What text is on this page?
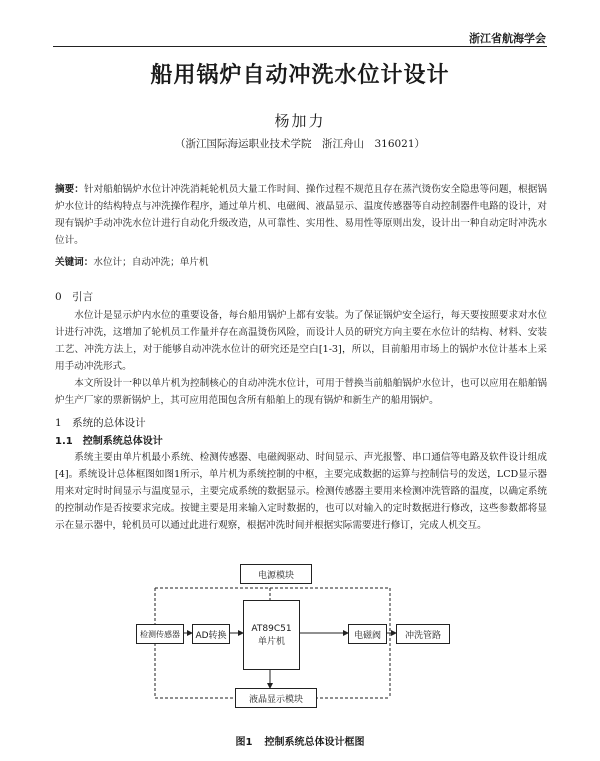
浙江省航海学会
船用锅炉自动冲洗水位计设计
杨加力
（浙江国际海运职业技术学院　浙江舟山　316021）
摘要：针对船舶锅炉水位计冲洗消耗轮机员大量工作时间、操作过程不规范且存在蒸汽烫伤安全隐患等问题，根据锅炉水位计的结构特点与冲洗操作程序，通过单片机、电磁阀、液晶显示、温度传感器等自动控制器件电路的设计，对现有锅炉手动冲洗水位计进行自动化升级改造，从可靠性、实用性、易用性等原则出发，设计出一种自动定时冲洗水位计。
关键词：水位计；自动冲洗；单片机
0　引言
水位计是显示炉内水位的重要设备，每台船用锅炉上都有安装。为了保证锅炉安全运行，每天要按照要求对水位计进行冲洗，这增加了轮机员工作量并存在高温烫伤风险，而设计人员的研究方向主要在水位计的结构、材料、安装工艺、冲洗方法上，对于能够自动冲洗水位计的研究还是空白[1-3]，所以，目前船用市场上的锅炉水位计基本上采用手动冲洗形式。
本文所设计一种以单片机为控制核心的自动冲洗水位计，可用于替换当前船舶锅炉水位计，也可以应用在船舶锅炉生产厂家的票新锅炉上，其可应用范围包含所有船舶上的现有锅炉和新生产的船用锅炉。
1　系统的总体设计
1.1　控制系统总体设计
系统主要由单片机最小系统、检测传感器、电磁阀驱动、时间显示、声光报警、串口通信等电路及软件设计组成[4]。系统设计总体框图如图1所示，单片机为系统控制的中枢，主要完成数据的运算与控制信号的发送，LCD显示器用来对定时时间显示与温度显示，主要完成系统的数据显示。检测传感器主要用来检测冲洗管路的温度，以确定系统的控制动作是否按要求完成。按键主要是用来输入定时数据的，也可以对输入的定时数据进行修改，这些参数都将显示在显示器中，轮机员可以通过此进行观察，根据冲洗时间并根据实际需要进行修订，完成人机交互。
电源模块
检测传感器	AD转换
AT89C51
单片机
电磁阀	冲洗管路
液晶显示模块
图1 控制系统总体设计框图
